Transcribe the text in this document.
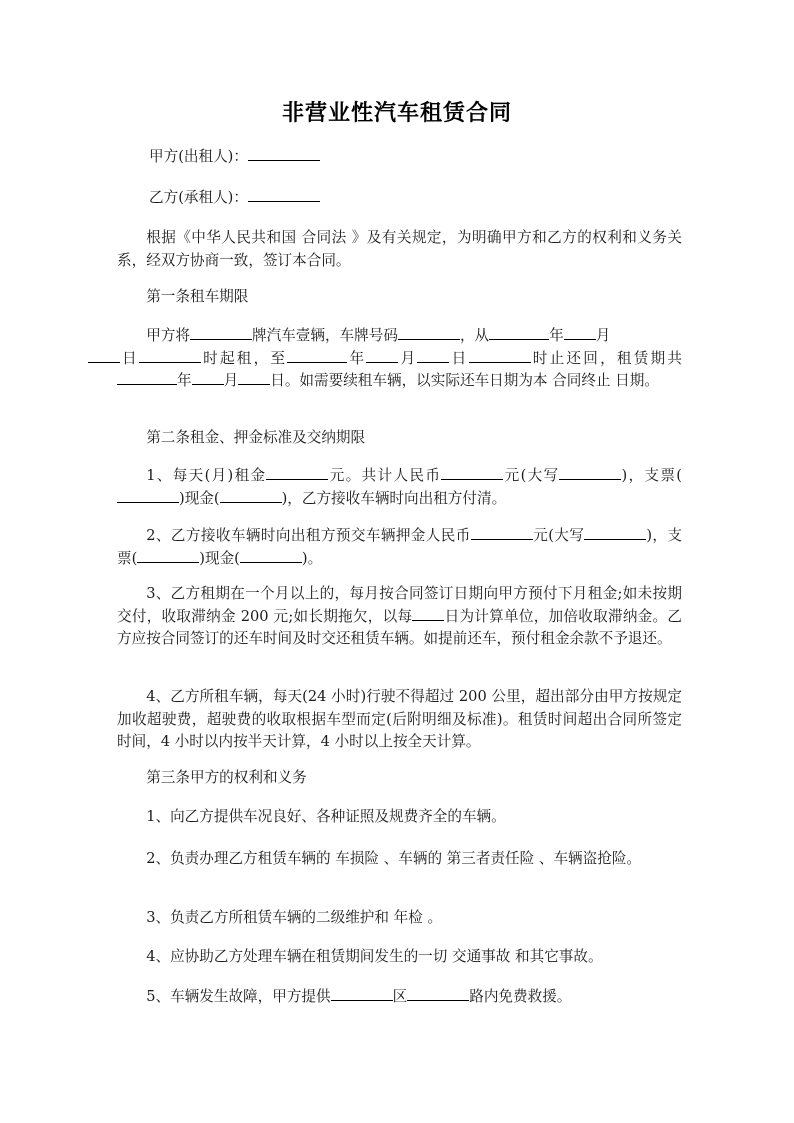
非营业性汽车租赁合同
甲方(出租人)：
乙方(承租人)：
根据《中华人民共和国 合同法 》及有关规定，为明确甲方和乙方的权利和义务关系，经双方协商一致，签订本合同。
第一条租车期限
甲方将	牌汽车壹辆，车牌号码	，从	年 月
日	时起租，至	年 月 日	时止还回，租赁期共年 月 日。如需要续租车辆，以实际还车日期为本 合同终止 日期。
第二条租金、押金标准及交纳期限
1、每天(月)租金	元。共计人民币	元(大写	)，支票()现金(	)，乙方接收车辆时向出租方付清。
2、乙方接收车辆时向出租方预交车辆押金人民币	元(大写	)，支票(	)现金(	)。
3、乙方租期在一个月以上的，每月按合同签订日期向甲方预付下月租金;如未按期交付，收取滞纳金 200 元;如长期拖欠，以每 日为计算单位，加倍收取滞纳金。乙方应按合同签订的还车时间及时交还租赁车辆。如提前还车，预付租金余款不予退还。
4、乙方所租车辆，每天(24 小时)行驶不得超过 200 公里，超出部分由甲方按规定加收超驶费，超驶费的收取根据车型而定(后附明细及标准)。租赁时间超出合同所签定时间，4 小时以内按半天计算，4 小时以上按全天计算。
第三条甲方的权利和义务
1、向乙方提供车况良好、各种证照及规费齐全的车辆。
2、负责办理乙方租赁车辆的 车损险 、车辆的 第三者责任险 、车辆盗抢险。
3、负责乙方所租赁车辆的二级维护和 年检 。
4、应协助乙方处理车辆在租赁期间发生的一切 交通事故 和其它事故。
5、车辆发生故障，甲方提供	区	路内免费救援。
